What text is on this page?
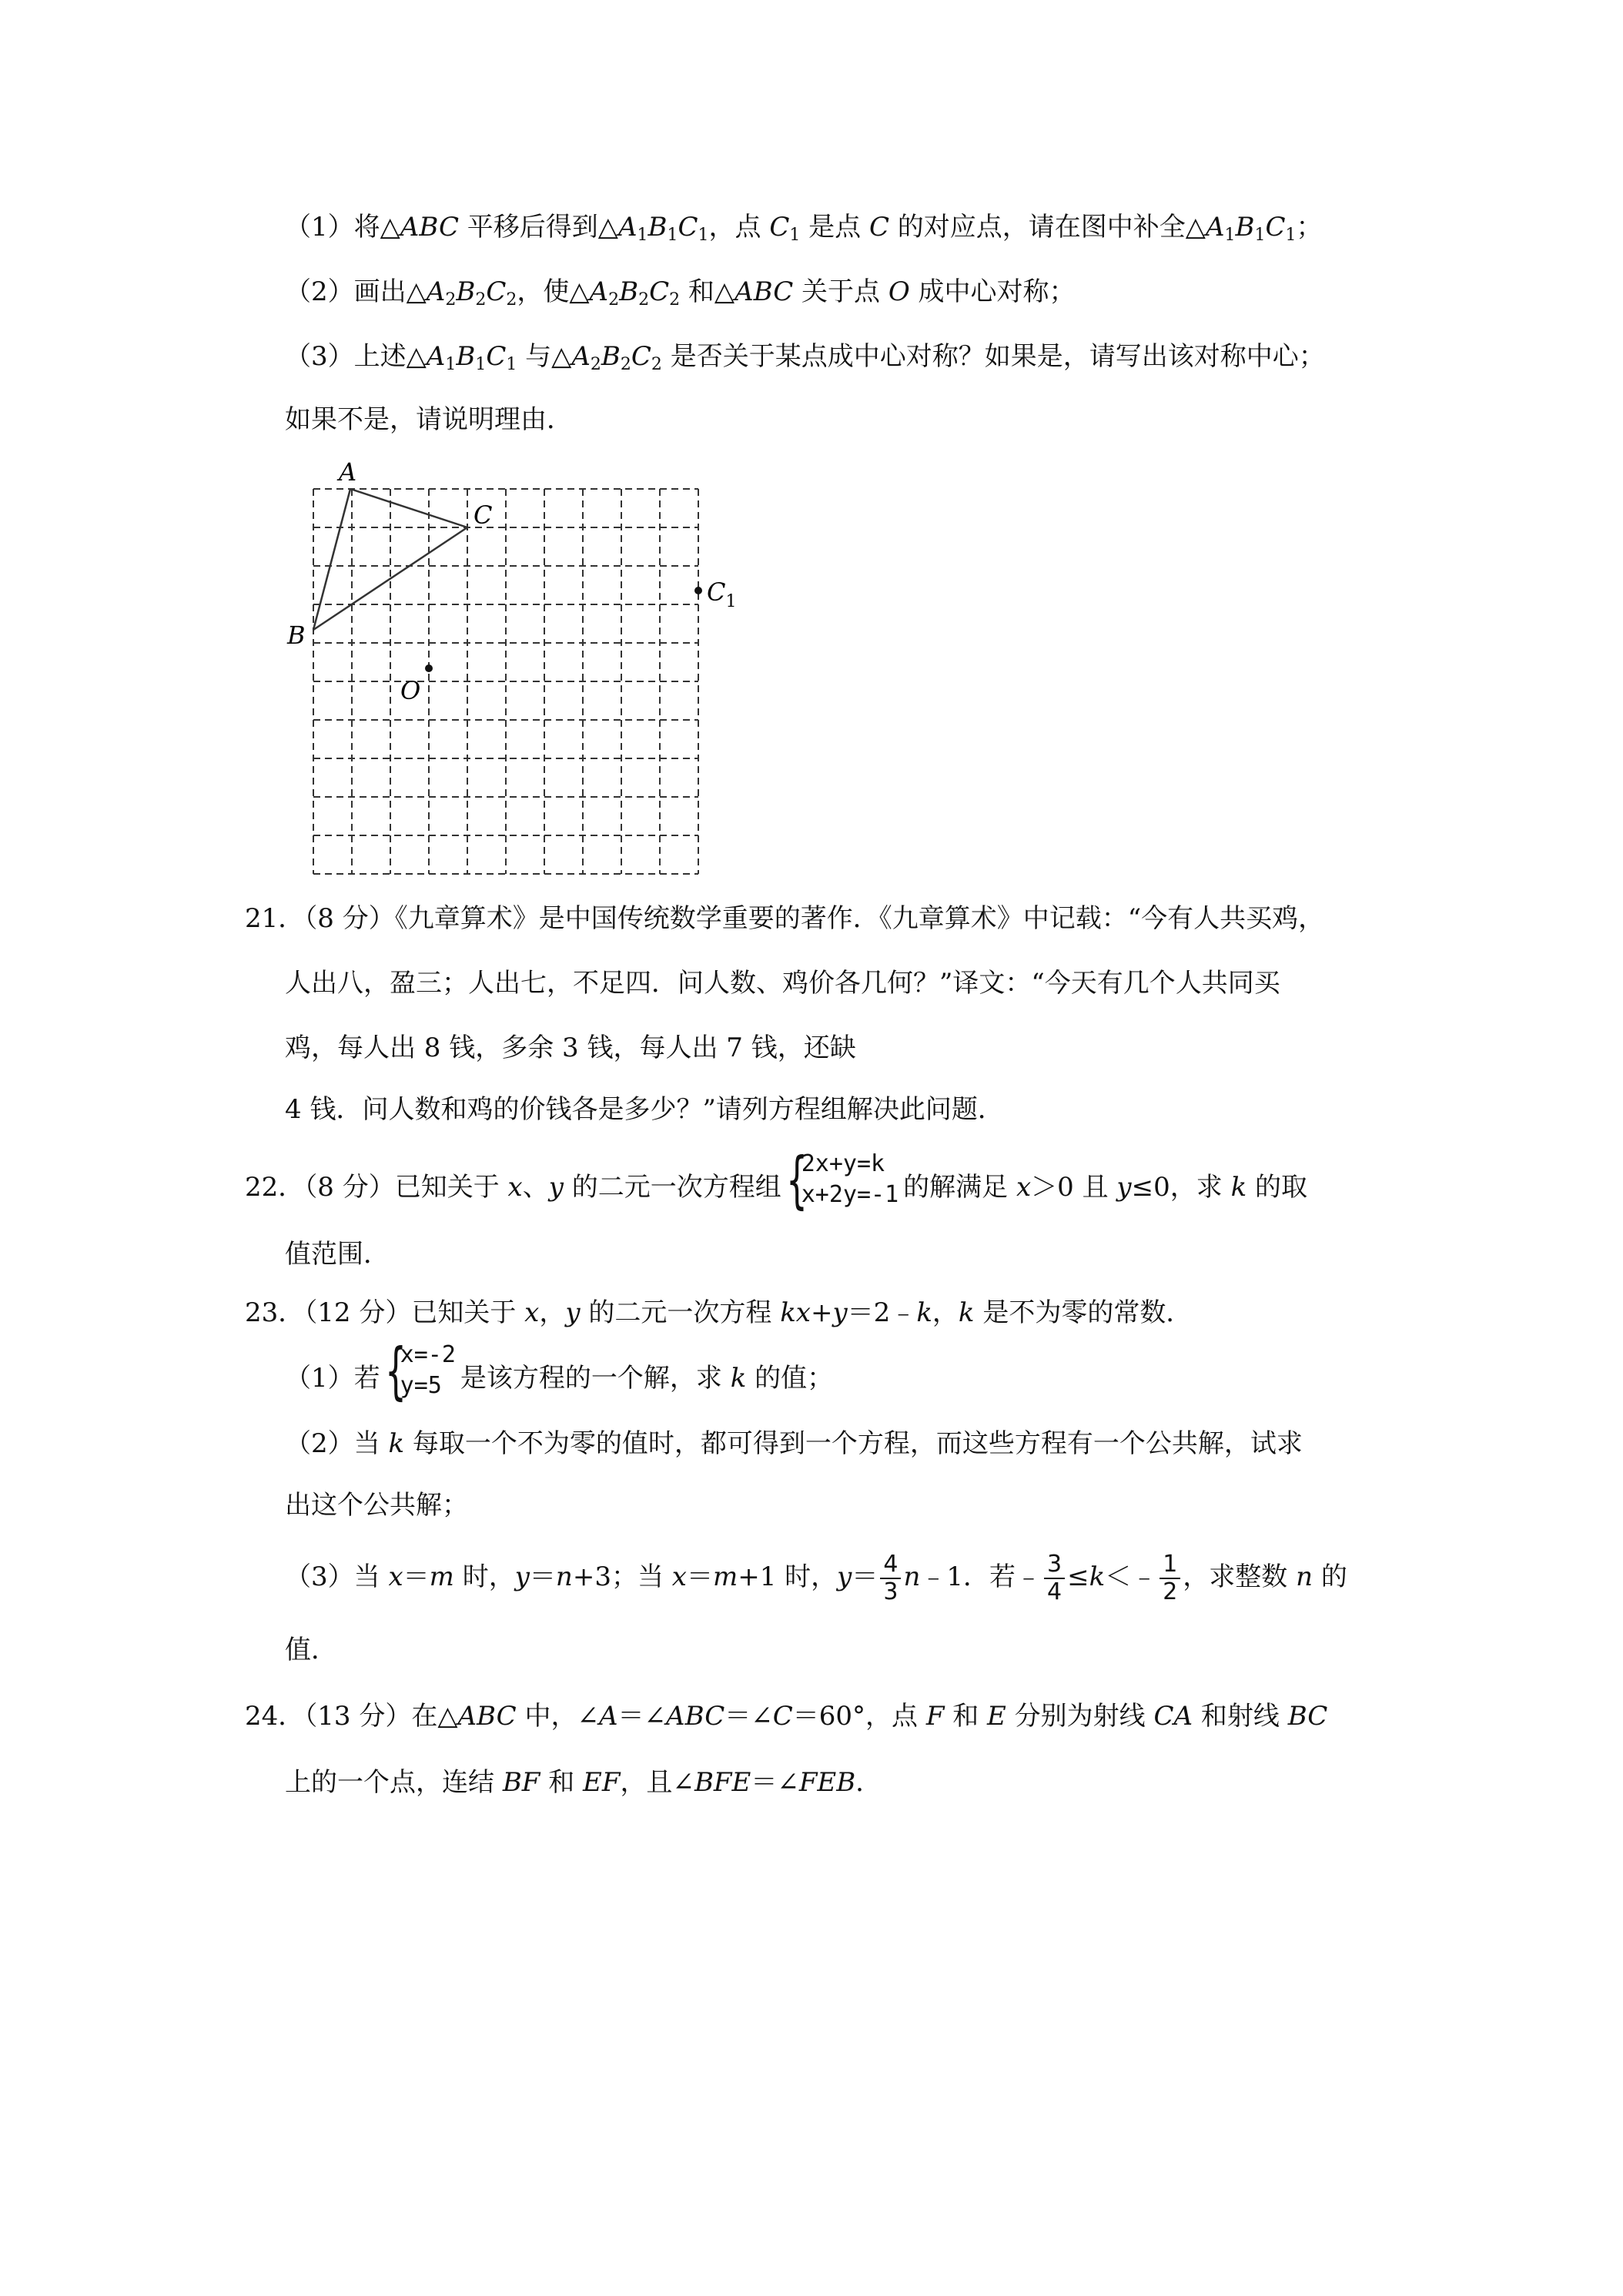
（1）将△ABC 平移后得到$\triangle A_1B_1C_1$，点 $C_1$ 是点 C 的对应点，请在图中补全$\triangle A_1B_1C_1$；
（2）画出$\triangle A_2B_2C_2$，使$\triangle A_2B_2C_2$ 和△ABC 关于点 O 成中心对称；
（3）上述$\triangle A_1B_1C_1$ 与$\triangle A_2B_2C_2$ 是否关于某点成中心对称？如果是，请写出该对称中心；
如果不是，请说明理由．
A
B
C
$C_1$
O
21．（8 分）《九章算术》是中国传统数学重要的著作．《九章算术》中记载：“今有人共买鸡，
人出八，盈三；人出七，不足四．问人数、鸡价各几何？”译文：“今天有几个人共同买
鸡，每人出 8 钱，多余 3 钱，每人出 7 钱，还缺
4 钱．问人数和鸡的价钱各是多少？”请列方程组解决此问题．
22．（8 分）已知关于 x、y 的二元一次方程组 {
2x+y=k
x+2y=-1 的解满足 x＞0 且 y≤0，求 k 的取
值范围．
23．（12 分）已知关于 x，y 的二元一次方程 kx+y＝2﹣k，k 是不为零的常数．
（1）若 {
x=-2
y=5 是该方程的一个解，求 k 的值；
（2）当 k 每取一个不为零的值时，都可得到一个方程，而这些方程有一个公共解，试求
出这个公共解；
（3）当 x＝m 时，y＝n+3；当 x＝m+1 时，$y= \frac{4}{3}$ n﹣1．若﹣ $\frac{3}{4}$ ≤k＜﹣ $\frac{1}{2}$ ，求整数 n 的
值．
24．（13 分）在△ABC 中，∠A＝∠ABC＝∠C＝60°，点 F 和 E 分别为射线 CA 和射线 BC
上的一个点，连结 BF 和 EF，且∠BFE＝∠FEB．
